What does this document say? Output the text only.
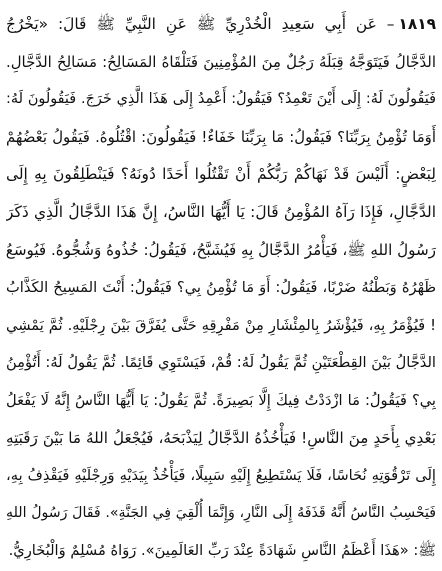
١٨١٩– عَن أَبِي سَعِيدِ الْخُدْرِيِّ ﷺ عَنِ النَّبِيِّ ﷺ قَالَ: «يَخْرُجُ
الدَّجَّالُ فَيَتَوَجَّهُ قِبَلَهُ رَجُلٌ مِنَ المُؤْمِنِينَ فَتَلْقَاهُ المَسَالِحُ: مَسَالِحُ الدَّجَّالِ.
فَيَقُولُونَ لَهُ: إِلَى أَيْنَ تَعْمِدُ؟ فَيَقُولُ: أَعْمِدُ إِلَى هَذَا الَّذِي خَرَجَ. فَيَقُولُونَ لَهُ:
أَوَمَا تُؤْمِنُ بِرَبِّنَا؟ فَيَقُولُ: مَا بِرَبِّنَا خَفَاءٌ! فَيَقُولُونَ: اقْتُلُوهُ. فَيَقُولُ بَعْضُهُمْ
لِبَعْضٍ: أَلَيْسَ قَدْ نَهَاكُمْ رَبُّكُمْ أَنْ تَقْتُلُوا أَحَدًا دُونَهُ؟ فَيَنْطَلِقُونَ بِهِ إِلَى
الدَّجَّالِ، فَإِذَا رَآهُ المُؤْمِنُ قَالَ: يَا أَيُّهَا النَّاسُ، إِنَّ هَذَا الدَّجَّالُ الَّذِي ذَكَرَ
رَسُولُ اللهِ ﷺ، فَيَأْمُرُ الدَّجَّالُ بِهِ فَيُشَبَّحُ، فَيَقُولُ: خُذُوهُ وَشُجُّوهُ. فَيُوسَعُ
ظَهْرُهُ وَبَطْنُهُ ضَرْبًا، فَيَقُولُ: أَوَ مَا تُؤْمِنُ بِي؟ فَيَقُولُ: أَنْتَ المَسِيحُ الكَذَّابُ
! فَيُؤْمَرُ بِهِ، فَيُؤْشَرُ بِالمِئْشَارِ مِنْ مَفْرِقِهِ حَتَّى يُفَرَّقَ بَيْنَ رِجْلَيْهِ. ثُمَّ يَمْشِي
الدَّجَّالُ بَيْنَ القِطْعَتَيْنِ ثُمَّ يَقُولُ لَهُ: قُمْ، فَيَسْتَوِي قَائِمًا. ثُمَّ يَقُولُ لَهُ: أَتُؤْمِنُ
بِي؟ فَيَقُولُ: مَا ازْدَدْتُ فِيكَ إِلَّا بَصِيرَةً. ثُمَّ يَقُولُ: يَا أَيُّهَا النَّاسُ إِنَّهُ لَا يَفْعَلُ
بَعْدِي بِأَحَدٍ مِنَ النَّاسِ! فَيَأْخُذُهُ الدَّجَّالُ لِيَذْبَحَهُ، فَيُجْعَلُ اللهُ مَا بَيْنَ رَقَبَتِهِ
إِلَى تَرْقُوَتِهِ نُحَاسًا، فَلَا يَسْتَطِيعُ إِلَيْهِ سَبِيلًا، فَيَأْخُذُ بِيَدَيْهِ وَرِجْلَيْهِ فَيَقْذِفُ بِهِ،
فَيَحْسِبُ النَّاسُ أَنَّهُ قَذَفَهُ إِلَى النَّارِ، وَإِنَّمَا أُلْقِيَ فِي الجَنَّةِ». فَقَالَ رَسُولُ اللهِ
ﷺ: «هَذَا أَعْظَمُ النَّاسِ شَهَادَةً عِنْدَ رَبِّ العَالَمِينَ». رَوَاهُ مُسْلِمٌ وَالْبُخَارِيُّ.
